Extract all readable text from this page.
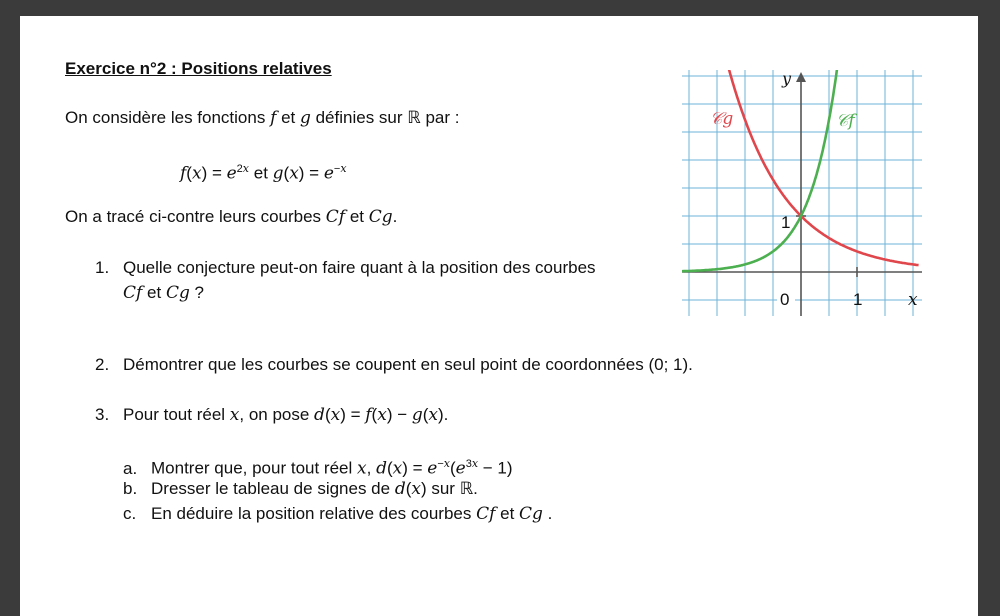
Exercice n°2 : Positions relatives
On considère les fonctions f et g définies sur ℝ par :
$f(x) = e^{2x}$ et $g(x) = e^{-x}$
On a tracé ci-contre leurs courbes Cf et Cg.
1. Quelle conjecture peut-on faire quant à la position des courbes
Cf et Cg ?
2. Démontrer que les courbes se coupent en seul point de coordonnées (0; 1).
3. Pour tout réel x, on pose d(x) = f(x) − g(x).
a. Montrer que, pour tout réel x, $d(x) = e^{-x}(e^{3x} - 1)$
b. Dresser le tableau de signes de d(x) sur ℝ.
c. En déduire la position relative des courbes Cf et Cg .
0	1
1
x
y
𝒞g	𝒞f
